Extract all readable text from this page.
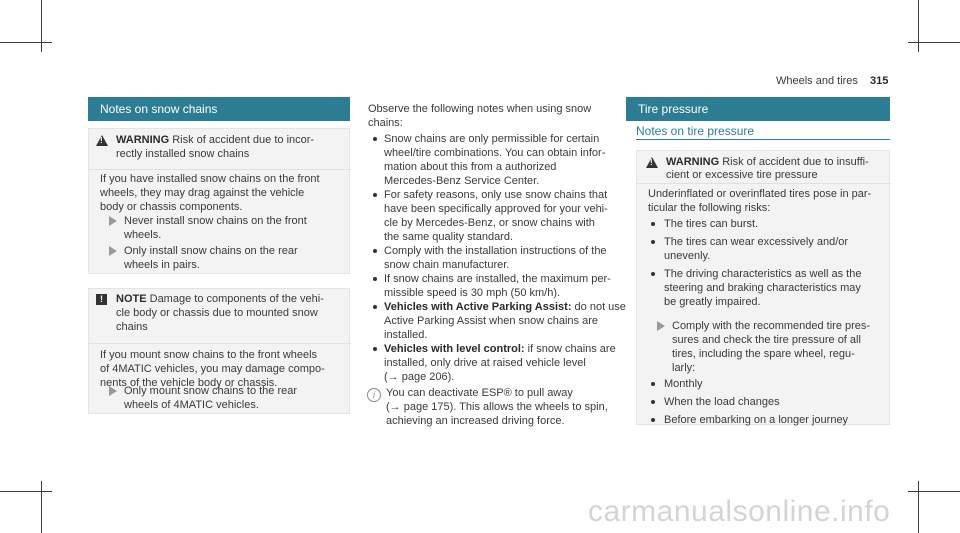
Wheels and tires 315
Notes on snow chains
!
WARNING Risk of accident due to incor-
rectly installed snow chains
If you have installed snow chains on the front
wheels, they may drag against the vehicle
body or chassis components.
Never install snow chains on the front
wheels.
Only install snow chains on the rear
wheels in pairs.
!	NOTE Damage to components of the vehi-
cle body or chassis due to mounted snow
chains
If you mount snow chains to the front wheels
of 4MATIC vehicles, you may damage compo-
nents of the vehicle body or chassis.
Only mount snow chains to the rear
wheels of 4MATIC vehicles.
Observe the following notes when using snow
chains:
Snow chains are only permissible for certain
wheel/tire combinations. You can obtain infor-
mation about this from a authorized
Mercedes-Benz Service Center.
For safety reasons, only use snow chains that
have been specifically approved for your vehi-
cle by Mercedes-Benz, or snow chains with
the same quality standard.
Comply with the installation instructions of the
snow chain manufacturer.
If snow chains are installed, the maximum per-
missible speed is 30 mph (50 km/h).
Vehicles with Active Parking Assist: do not use
Active Parking Assist when snow chains are
installed.
Vehicles with level control: if snow chains are
installed, only drive at raised vehicle level
(→ page 206).
i	You can deactivate ESP® to pull away
(→ page 175). This allows the wheels to spin,
achieving an increased driving force.
Tire pressure
Notes on tire pressure
!
WARNING Risk of accident due to insuffi-
cient or excessive tire pressure
Underinflated or overinflated tires pose in par-
ticular the following risks:
The tires can burst.
The tires can wear excessively and/or
unevenly.
The driving characteristics as well as the
steering and braking characteristics may
be greatly impaired.
Comply with the recommended tire pres-
sures and check the tire pressure of all
tires, including the spare wheel, regu-
larly:
Monthly
When the load changes
Before embarking on a longer journey
carmanualsonline.info
